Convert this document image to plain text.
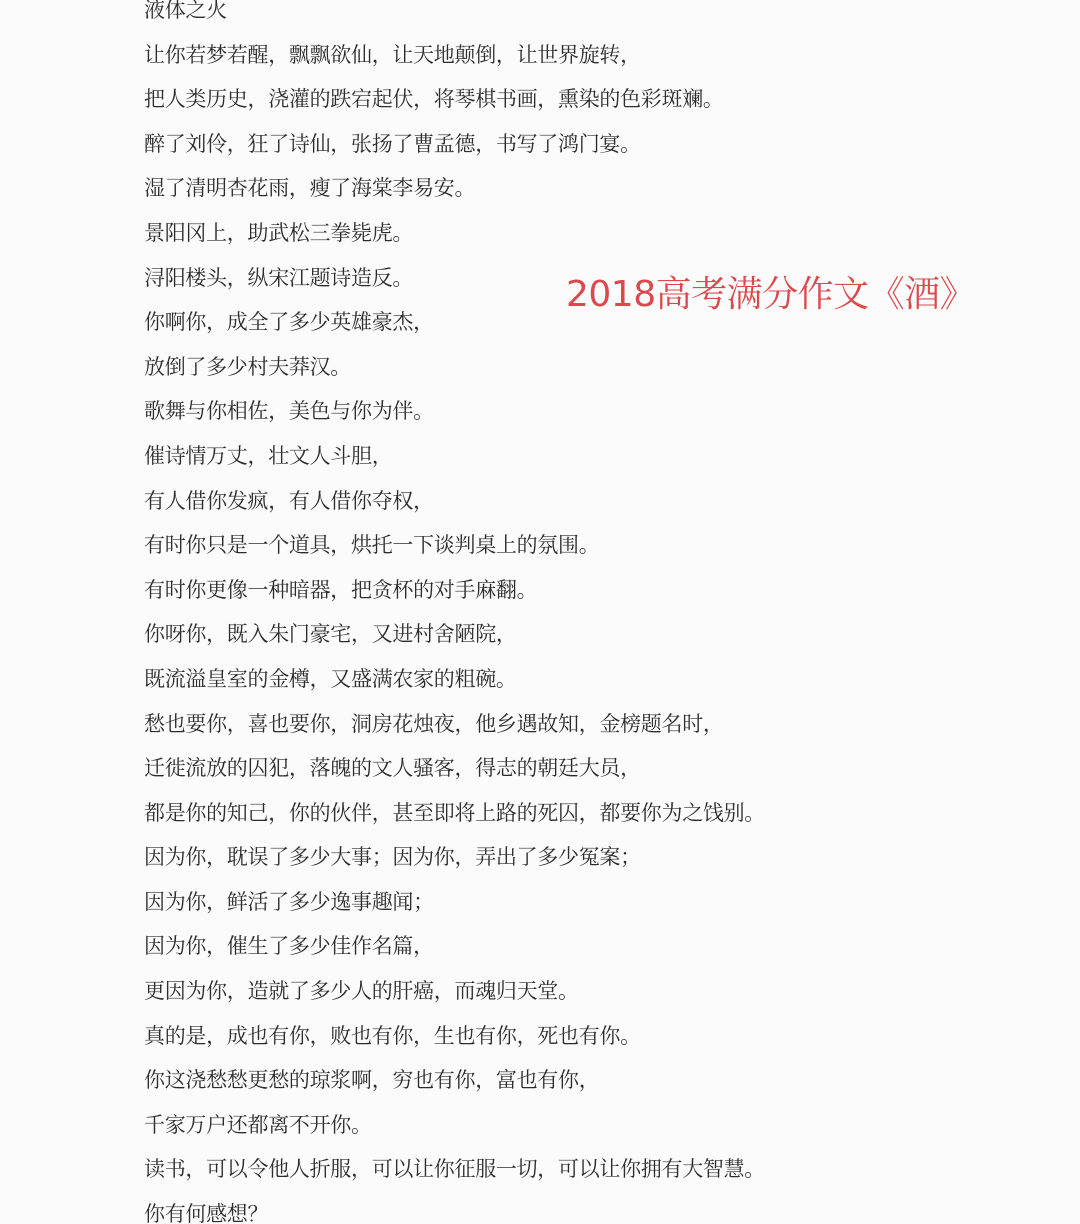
液体之火
让你若梦若醒，飘飘欲仙，让天地颠倒，让世界旋转，
把人类历史，浇灌的跌宕起伏，将琴棋书画，熏染的色彩斑斓。
醉了刘伶，狂了诗仙，张扬了曹孟德，书写了鸿门宴。
湿了清明杏花雨，瘦了海棠李易安。
景阳冈上，助武松三拳毙虎。
浔阳楼头，纵宋江题诗造反。
你啊你，成全了多少英雄豪杰，
放倒了多少村夫莽汉。
歌舞与你相佐，美色与你为伴。
催诗情万丈，壮文人斗胆，
有人借你发疯，有人借你夺权，
有时你只是一个道具，烘托一下谈判桌上的氛围。
有时你更像一种暗器，把贪杯的对手麻翻。
你呀你，既入朱门豪宅，又进村舍陋院，
既流溢皇室的金樽，又盛满农家的粗碗。
愁也要你，喜也要你，洞房花烛夜，他乡遇故知，金榜题名时，
迁徙流放的囚犯，落魄的文人骚客，得志的朝廷大员，
都是你的知己，你的伙伴，甚至即将上路的死囚，都要你为之饯别。
因为你，耽误了多少大事；因为你，弄出了多少冤案；
因为你，鲜活了多少逸事趣闻；
因为你，催生了多少佳作名篇，
更因为你，造就了多少人的肝癌，而魂归天堂。
真的是，成也有你，败也有你，生也有你，死也有你。
你这浇愁愁更愁的琼浆啊，穷也有你，富也有你，
千家万户还都离不开你。
读书，可以令他人折服，可以让你征服一切，可以让你拥有大智慧。
你有何感想？
2018高考满分作文《酒》
